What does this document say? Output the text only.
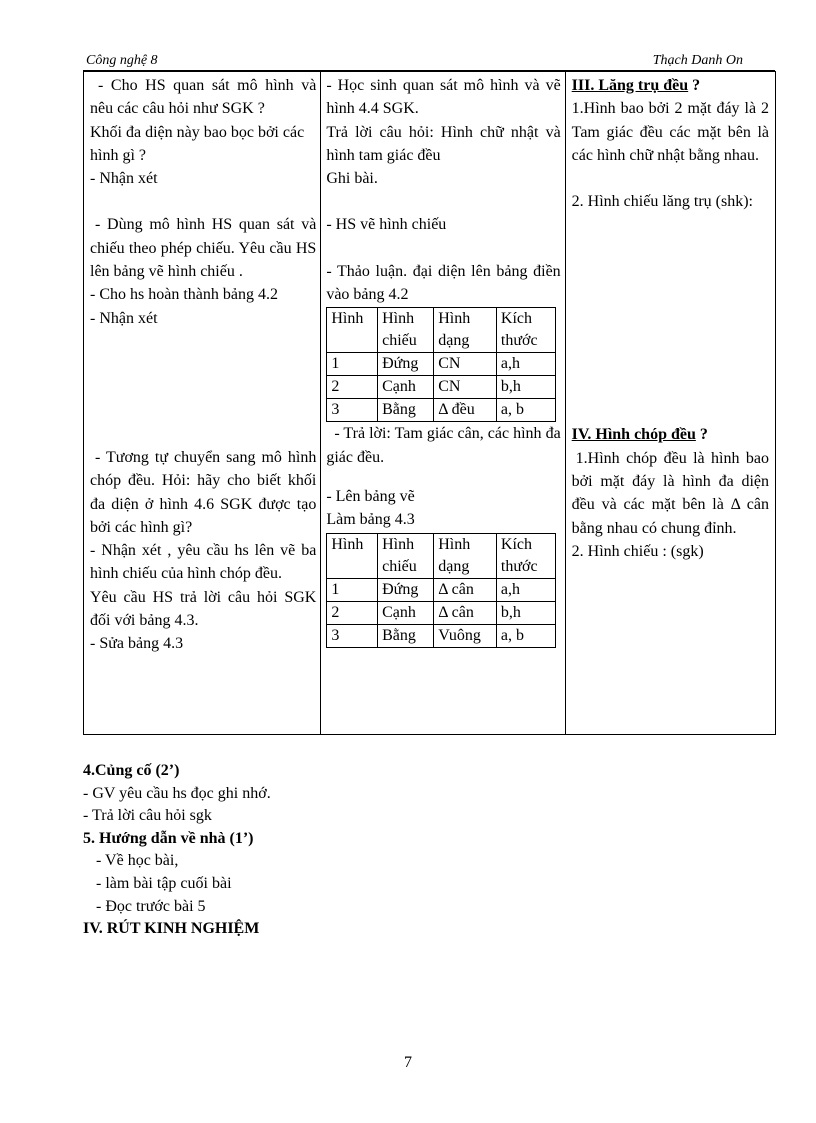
Công nghệ 8	Thạch Danh On
- Cho HS quan sát mô hình và nêu các câu hỏi như SGK ?
Khối đa diện này bao bọc bởi các hình gì ?
- Nhận xét
- Dùng mô hình HS quan sát và chiếu theo phép chiếu. Yêu cầu HS lên bảng vẽ hình chiếu .
- Cho hs hoàn thành bảng 4.2
- Nhận xét
- Tương tự chuyển sang mô hình chóp đều. Hỏi: hãy cho biết khối đa diện ở hình 4.6 SGK được tạo bởi các hình gì?
- Nhận xét , yêu cầu hs lên vẽ ba hình chiếu của hình chóp đều.
Yêu cầu HS trả lời câu hỏi SGK đối với bảng 4.3.
- Sửa bảng 4.3

- Học sinh quan sát mô hình và vẽ hình 4.4 SGK.
Trả lời câu hỏi: Hình chữ nhật và hình tam giác đều
Ghi bài.
- HS vẽ hình chiếu
- Thảo luận. đại diện lên bảng điền vào bảng 4.2
Hình	Hình chiếu	Hình dạng	Kích thước
1	Đứng	CN	a,h
2	Cạnh	CN	b,h
3	Bằng	Δ đều	a, b
- Trả lời: Tam giác cân, các hình đa giác đều.
- Lên bảng vẽ
Làm bảng 4.3
Hình	Hình chiếu	Hình dạng	Kích thước
1	Đứng	Δ cân	a,h
2	Cạnh	Δ cân	b,h
3	Bằng	Vuông	a, b

III. Lăng trụ đều ?
1.Hình bao bởi 2 mặt đáy là 2 Tam giác đều các mặt bên là các hình chữ nhật bằng nhau.
2. Hình chiếu lăng trụ (shk):
IV. Hình chóp đều ?
1.Hình chóp đều là hình bao bởi mặt đáy là hình đa diện đều và các mặt bên là Δ cân bằng nhau có chung đỉnh.
2. Hình chiếu : (sgk)
4.Củng cố (2’)
- GV yêu cầu hs đọc ghi nhớ.
- Trả lời câu hỏi sgk
5. Hướng dẫn về nhà (1’)
- Về học bài,
- làm bài tập cuối bài
- Đọc trước bài 5
IV. RÚT KINH NGHIỆM
7
